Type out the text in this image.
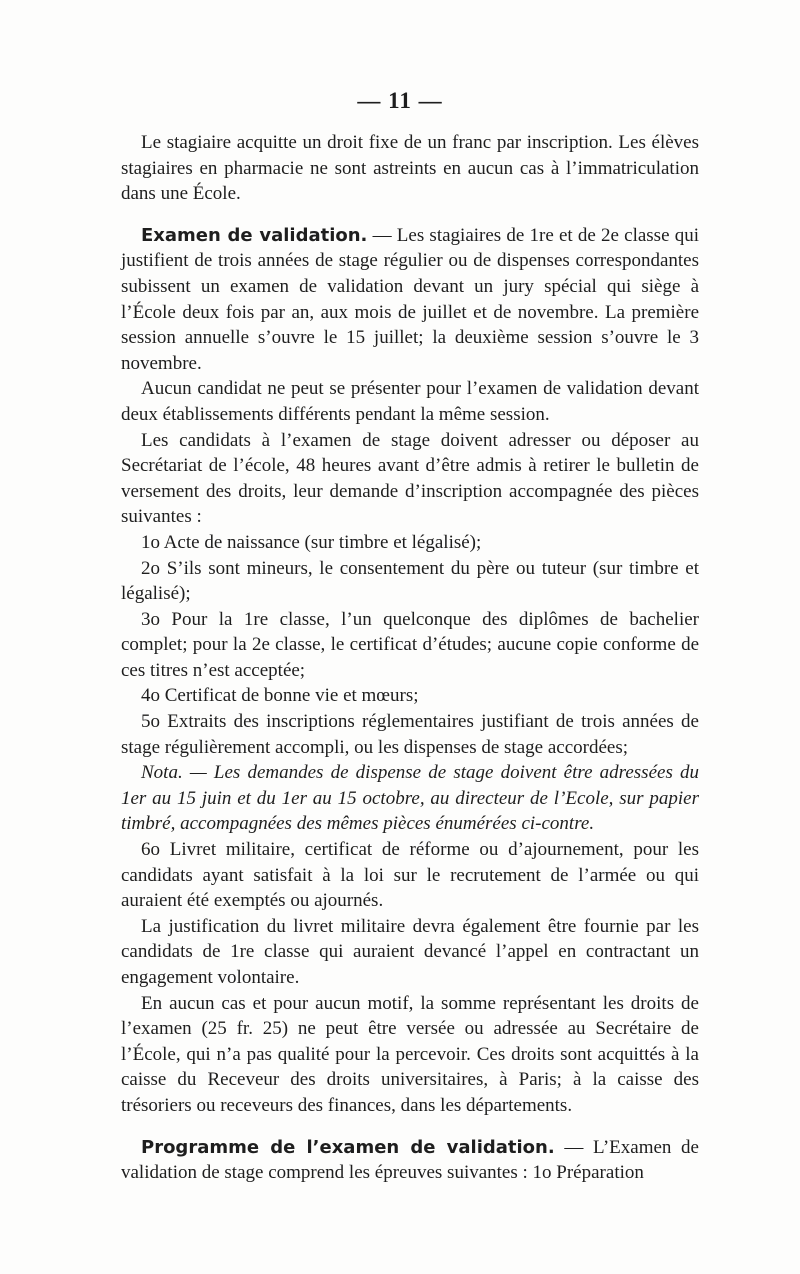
— 11 —

Le stagiaire acquitte un droit fixe de un franc par inscription. Les élèves stagiaires en pharmacie ne sont astreints en aucun cas à l’immatriculation dans une École.

Examen de validation. — Les stagiaires de 1re et de 2e classe qui justifient de trois années de stage régulier ou de dispenses correspondantes subissent un examen de validation devant un jury spécial qui siège à l’École deux fois par an, aux mois de juillet et de novembre. La première session annuelle s’ouvre le 15 juillet; la deuxième session s’ouvre le 3 novembre.

Aucun candidat ne peut se présenter pour l’examen de validation devant deux établissements différents pendant la même session.

Les candidats à l’examen de stage doivent adresser ou déposer au Secrétariat de l’école, 48 heures avant d’être admis à retirer le bulletin de versement des droits, leur demande d’inscription accompagnée des pièces suivantes :

1o Acte de naissance (sur timbre et légalisé);

2o S’ils sont mineurs, le consentement du père ou tuteur (sur timbre et légalisé);

3o Pour la 1re classe, l’un quelconque des diplômes de bachelier complet; pour la 2e classe, le certificat d’études; aucune copie conforme de ces titres n’est acceptée;

4o Certificat de bonne vie et mœurs;

5o Extraits des inscriptions réglementaires justifiant de trois années de stage régulièrement accompli, ou les dispenses de stage accordées;

Nota. — Les demandes de dispense de stage doivent être adressées du 1er au 15 juin et du 1er au 15 octobre, au directeur de l’Ecole, sur papier timbré, accompagnées des mêmes pièces énumérées ci-contre.

6o Livret militaire, certificat de réforme ou d’ajournement, pour les candidats ayant satisfait à la loi sur le recrutement de l’armée ou qui auraient été exemptés ou ajournés.

La justification du livret militaire devra également être fournie par les candidats de 1re classe qui auraient devancé l’appel en contractant un engagement volontaire.

En aucun cas et pour aucun motif, la somme représentant les droits de l’examen (25 fr. 25) ne peut être versée ou adressée au Secrétaire de l’École, qui n’a pas qualité pour la percevoir. Ces droits sont acquittés à la caisse du Receveur des droits universitaires, à Paris; à la caisse des trésoriers ou receveurs des finances, dans les départements.

Programme de l’examen de validation. — L’Examen de validation de stage comprend les épreuves suivantes : 1o Préparation
